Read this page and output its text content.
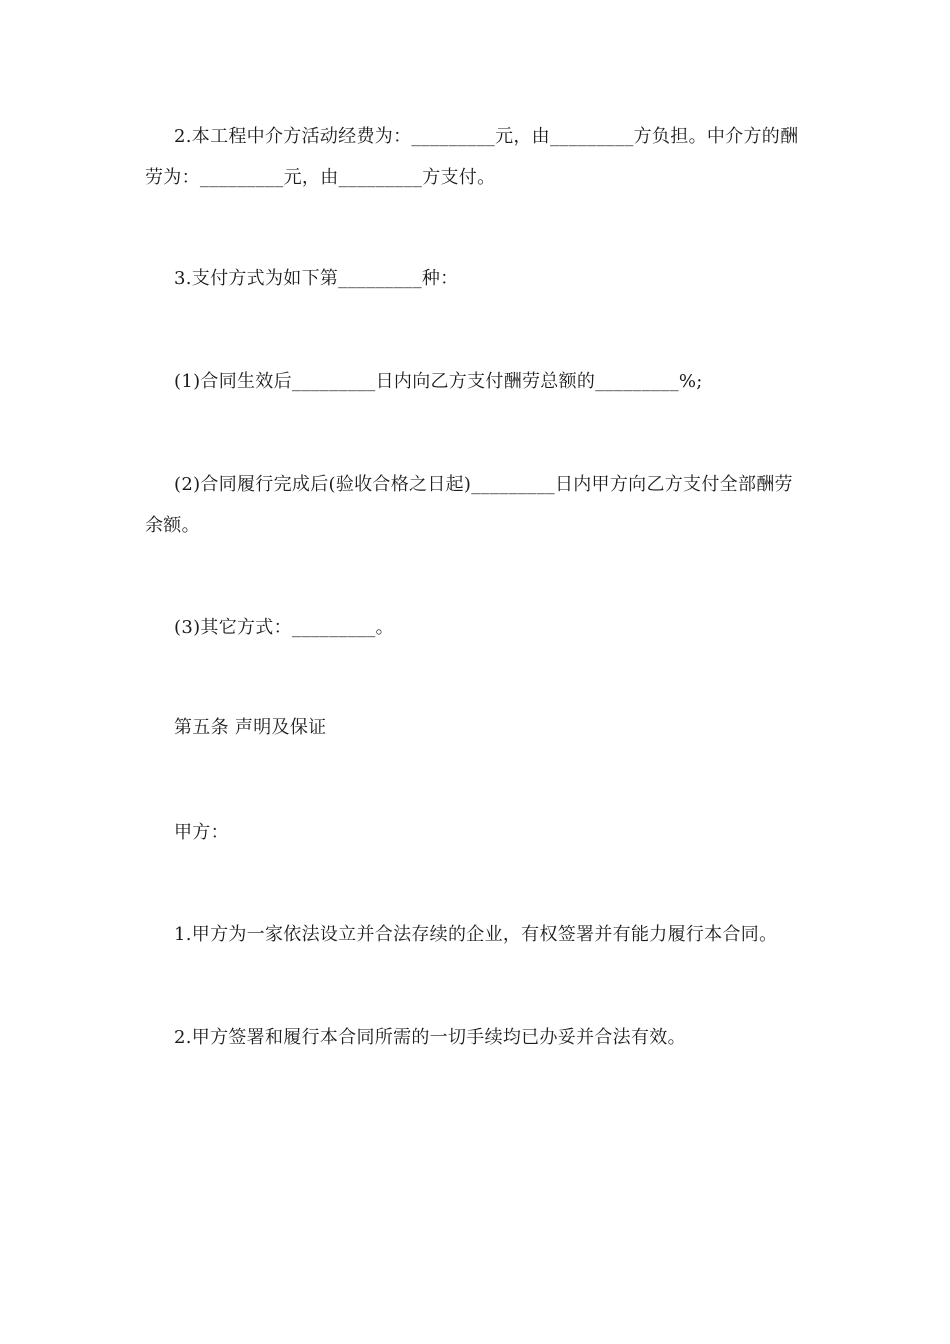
2.本工程中介方活动经费为：_________元，由_________方负担。中介方的酬劳为：_________元，由_________方支付。

3.支付方式为如下第_________种：

(1)合同生效后_________日内向乙方支付酬劳总额的_________%;

(2)合同履行完成后(验收合格之日起)_________日内甲方向乙方支付全部酬劳余额。

(3)其它方式：_________。

第五条 声明及保证

甲方：

1.甲方为一家依法设立并合法存续的企业，有权签署并有能力履行本合同。

2.甲方签署和履行本合同所需的一切手续均已办妥并合法有效。
